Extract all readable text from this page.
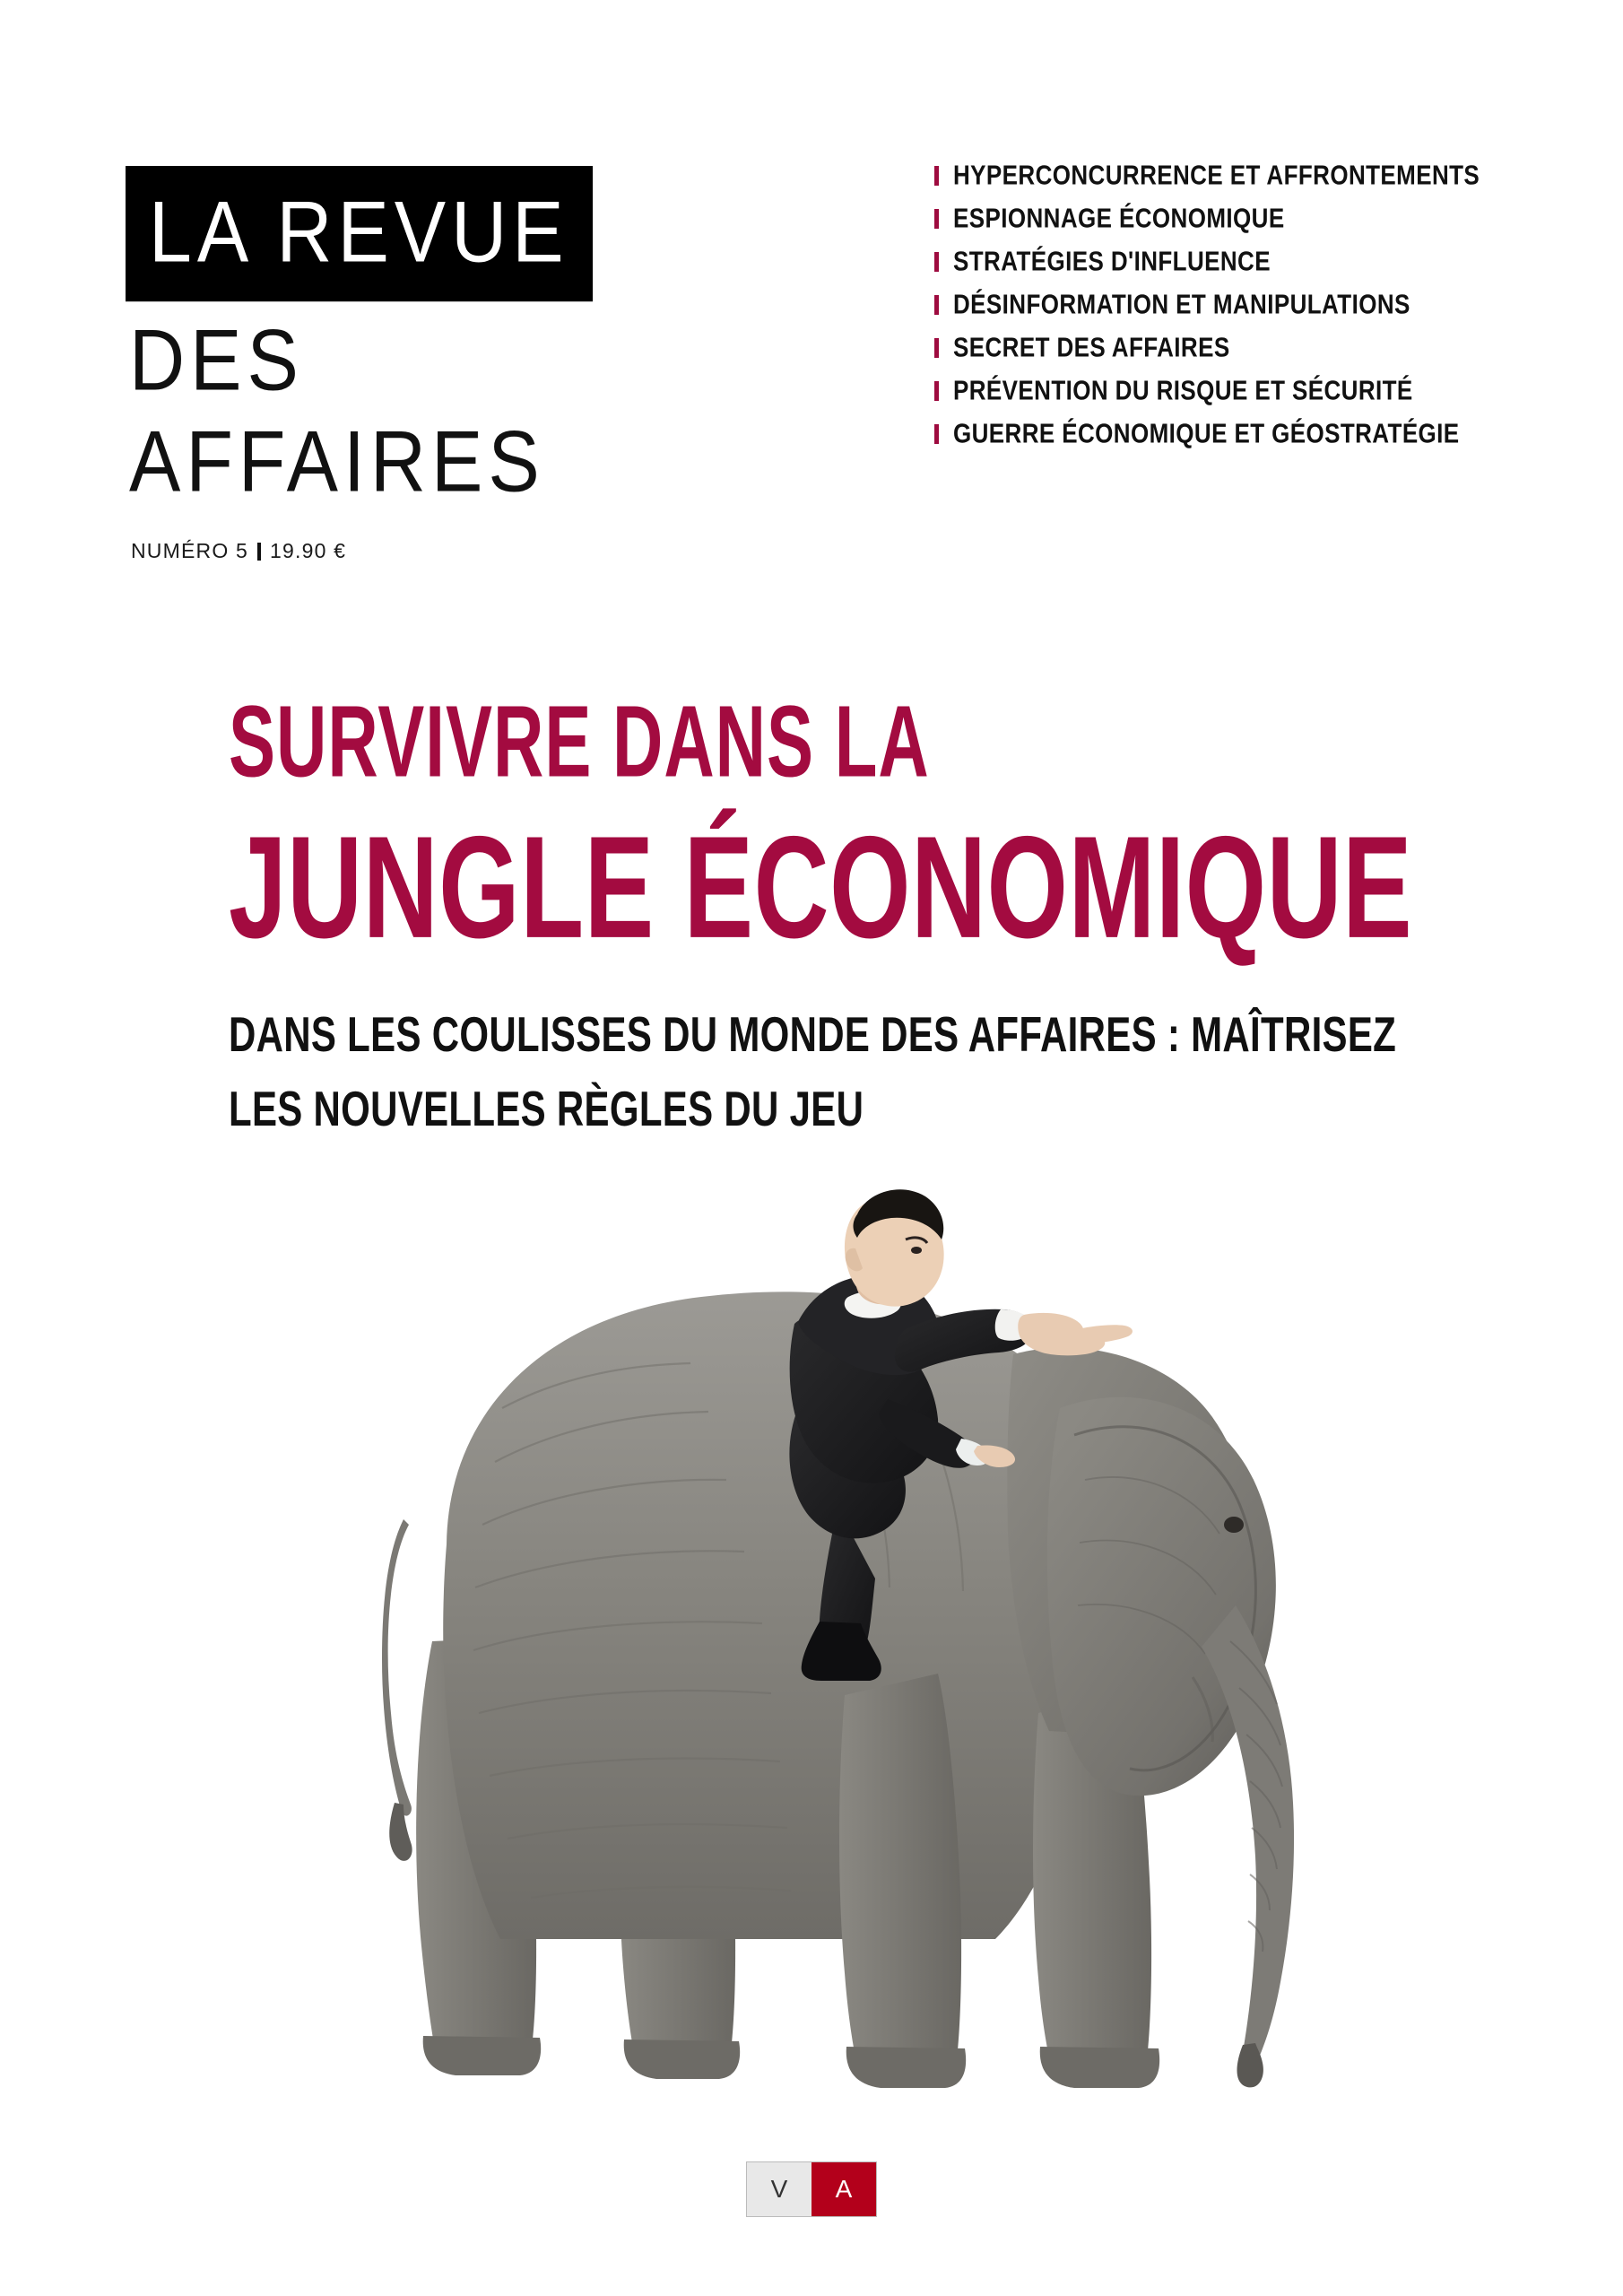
LA REVUE
DES AFFAIRES
NUMÉRO 5 19.90 €
HYPERCONCURRENCE ET AFFRONTEMENTS
ESPIONNAGE ÉCONOMIQUE
STRATÉGIES D'INFLUENCE
DÉSINFORMATION ET MANIPULATIONS
SECRET DES AFFAIRES
PRÉVENTION DU RISQUE ET SÉCURITÉ
GUERRE ÉCONOMIQUE ET GÉOSTRATÉGIE
SURVIVRE DANS LA
JUNGLE ÉCONOMIQUE
DANS LES COULISSES DU MONDE DES AFFAIRES : MAÎTRISEZ LES NOUVELLES RÈGLES DU JEU
V	A
